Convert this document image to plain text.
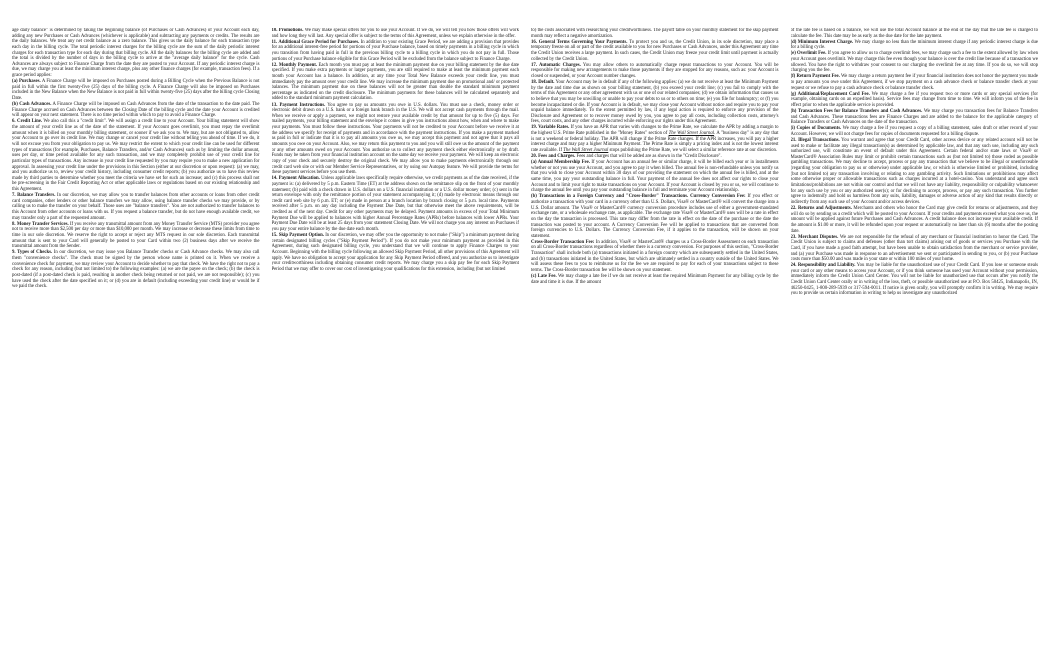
age daily balance" is determined by taking the beginning balance (of Purchases or Cash Advances) of your Account each day, adding any new Purchases or Cash Advances (whichever is applicable) and subtracting any payments or credits. The results are the daily balances. We treat any net credit balance as a zero balance. This gives us the daily balance for each transaction type each day in the billing cycle. The total periodic interest charges for the billing cycle are the sum of the daily periodic interest charges for each transaction type for each day during that billing cycle. All the daily balances for the billing cycle are added and the total is divided by the number of days in the billing cycle to arrive at the "average daily balance" for the cycle. Cash Advances are always subject to Finance Charge from the date they are posted to your Account. If any periodic interest charge is due, we may charge you at least the minimum interest charge, plus any other finance charges (for example, transaction fees). If a grace period applies:

(a) Purchases. A Finance Charge will be imposed on Purchases posted during a Billing Cycle when the Previous Balance is not paid in full within the first twenty-five (25) days of the billing cycle. A Finance Charge will also be imposed on Purchases included in the New Balance when the New Balance is not paid in full within twenty-five (25) days after the billing cycle Closing Date.

(b) Cash Advances. A Finance Charge will be imposed on Cash Advances from the date of the transaction to the date paid. The Finance Charge accrued on Cash Advances between the Closing Date of the billing cycle and the date your Account is credited will appear on your next statement. There is no time period within which to pay to avoid a Finance Charge.

6. Credit Line. We also call this a "credit limit". We will assign a credit line to your Account. Your billing statement will show the amount of your credit line as of the date of the statement. If your Account goes overlimit, you must repay the overlimit amount when it is billed on your monthly billing statement, or sooner if we ask you to. We may, but are not obligated to, allow your Account to go over its credit line. We may change or cancel your credit line without telling you ahead of time. If we do, it will not excuse you from your obligation to pay us. We may restrict the extent to which your credit line can be used for different types of transactions (for example, Purchases, Balance Transfers, and/or Cash Advances) such as by limiting the dollar amount, uses per day, or time period available for any such transaction, and we may completely prohibit use of your credit line for particular types of transactions. Any increase in your credit line requested by you may require you to make a new application for approval. In assessing your credit line under the provisions in this Section (either at our discretion or upon request): (a) we may, and you authorize us to, review your credit history, including consumer credit reports; (b) you authorize us to have this review made by third parties to determine whether you meet the criteria we have set for such an increase; and (c) this process shall not be pre-screening in the Fair Credit Reporting Act or other applicable laws or regulations based on our existing relationship and this Agreement.

7. Balance Transfers. In our discretion, we may allow you to transfer balances from other accounts or loans from other credit card companies, other lenders or other balance transfers we may allow, using balance transfer checks we may provide, or by calling us to make the transfer on your behalf. Those uses are "balance transfers". You are not authorized to transfer balances to this Account from other accounts or loans with us. If you request a balance transfer, but do not have enough available credit, we may transfer only a part of the requested amount.

8. Money Transfer Services. If you receive any transmittal amount from any Money Transfer Service (MTS) provider you agree not to receive more than $2,500 per day or more than $10,000 per month. We may increase or decrease these limits from time to time in our sole discretion. We reserve the right to accept or reject any MTS request in our sole discretion. Each transmittal amount that is sent to your Card will generally be posted to your Card within two (2) business days after we receive the transmittal amount from the Sender.

9. Types of Checks. In our discretion, we may issue you Balance Transfer checks or Cash Advance checks. We may also call them "convenience checks". The check must be signed by the person whose name is printed on it. When we receive a convenience check for payment, we may review your Account to decide whether to pay that check. We have the right not to pay a check for any reason, including (but not limited to) the following examples: (a) we are the payee on the check; (b) the check is post-dated (if a post-dated check is paid, resulting in another check being returned or not paid, we are not responsible); (c) you have used the check after the date specified on it; or (d) you are in default (including exceeding your credit line) or would be if we paid the check.

10. Promotions. We may make special offers for you to use your Account. If we do, we will tell you how those offers will work and how long they will last. Any special offer is subject to the terms of this Agreement, unless we explain otherwise in the offer.

11. Additional Grace Period for Purchases. In addition to your existing Grace Period, we are adding a provision that provides for an additional interest-free period for portions of your Purchase balance, based on timely payments in a billing cycle in which you transition from having paid in full in the previous billing cycle to a billing cycle in which you do not pay in full. Those portions of your Purchase balance eligible for this Grace Period will be excluded from the balance subject to Finance Charge.

12. Monthly Payment. Each month you must pay at least the minimum payment due on your billing statement by the due date specified. If you make extra payments or larger payments, you are still required to make at least the minimum payment each month your Account has a balance. In addition, at any time your Total New Balance exceeds your credit line, you must immediately pay the amount over your credit line. We may increase the minimum payment due on promotional and/ or protected balances. The minimum payment due on these balances will not be greater than double the standard minimum payment percentage as indicated on the credit disclosure. The minimum payments for these balances will be calculated separately and added to the standard minimum payment calculation.

13. Payment Instructions. You agree to pay us amounts you owe in U.S. dollars. You must use a check, money order or electronic debit drawn on a U.S. bank or a foreign bank branch in the U.S. We will not accept cash payments through the mail. When we receive or apply a payment, we might not restore your available credit by that amount for up to five (5) days. For mailed payments, your billing statement and the envelope it comes in give you instructions about how, when and where to make your payments. You must follow these instructions. Your payments will not be credited to your Account before we receive it at the address we specify for receipt of payments and in accordance with the payment instructions. If you make a payment marked as paid in full or indicate that it is to pay all amounts you owe us, we may accept this payment and not agree that it pays all amounts you owe on your Account. Also, we may return this payment to you and you will still owe us the amount of the payment or any other amounts owed on your Account. You authorize us to collect any payment check either electronically or by draft. Funds may be taken from your financial institution account on the same day we receive your payment. We will keep an electronic copy of your check and securely destroy the original check. We may allow you to make payments electronically through our credit card web site or with our Member Service Representatives, or by using our Autopay feature. We will provide the terms for these payment services before you use them.

14. Payment Allocation. Unless applicable laws specifically require otherwise, we credit payments as of the date received, if the payment is: (a) delivered by 5 p.m. Eastern Time (ET) at the address shown on the remittance slip on the front of your monthly statement; (b) paid with a check drawn in U.S. dollars on a U.S. financial institution or a U.S. dollar money order; (c) sent in the return envelope with only the remittance portion of your statement accompanying it; (d) made by electronic means through our credit card web site by 6 p.m. ET; or (e) made in person at a branch location by branch closing or 5 p.m. local time. Payments received after 5 p.m. on any day including the Payment Due Date, but that otherwise meet the above requirements, will be credited as of the next day. Credit for any other payments may be delayed. Payment amounts in excess of your Total Minimum Payment Due will be applied to balances with higher Annual Percentage Rates (APRs) before balances with lower APRs. Your Payment Due Date will be at least 25 days from your statement Closing Date. We will not charge you any interest on Purchases if you pay your entire balance by the due date each month.

15. Skip Payment Option. In our discretion, we may offer you the opportunity to not make ("Skip") a minimum payment during certain designated billing cycles ("Skip Payment Period"). If you do not make your minimum payment as provided in this Agreement, during such designated billing cycle, you understand that we will continue to apply Finance Charges to your Account. Beginning with the billing cycle following an allowed Skip Payment Period, all other provisions of this Agreement will apply. We have no obligation to accept your application for any Skip Payment Period offered, and you authorize us to investigate your creditworthiness including obtaining consumer credit reports. We may charge you a skip pay fee for each Skip Payment Period that we may offer to cover our cost of investigating your qualifications for this extension, including (but not limited

to) the costs associated with researching your creditworthiness. The payoff table on your monthly statement for the skip payment month may reflect a negative amortization.

16. General Terms Governing Your Payments. To protect you and us, the Credit Union, in its sole discretion, may place a temporary freeze on all or part of the credit available to you for new Purchases or Cash Advances, under this Agreement any time the Credit Union receives a large payment. In such cases, the Credit Union may freeze your credit limit until payment is actually collected by the Credit Union.

17. Automatic Charges. You may allow others to automatically charge repeat transactions to your Account. You will be responsible for making new arrangements to make those payments if they are stopped for any reasons, such as: your Account is closed or suspended, or your Account number changes.

18. Default. Your Account may be in default if any of the following applies: (a) we do not receive at least the Minimum Payment by the date and time due as shown on your billing statement, (b) you exceed your credit line; (c) you fail to comply with the terms of this Agreement or any other agreement with us or one of our related companies; (d) we obtain information that causes us to believe that you may be unwilling or unable to pay your debts to us or to others on time; (e) you file for bankruptcy; or (f) you become incapacitated or die. If your Account is in default, we may close your Account without notice and require you to pay your unpaid balance immediately. To the extent permitted by law, if any legal action is required to enforce any provision of the Disclosure and Agreement or to recover money owed by you, you agree to pay all costs, including collection costs, attorney's fees, court costs, and any other charges incurred while enforcing our rights under this Agreement.

19. Variable Rates. If you have an APR that varies with changes to the Prime Rate, we calculate the APR by adding a margin to the highest U.S. Prime Rate published in the "Money Rates" section of The Wall Street Journal. A "business day" is any day that is not a weekend or federal holiday. The APR will change if the Prime Rate changes. If the APR increases, you will pay a higher interest charge and may pay a higher Minimum Payment. The Prime Rate is simply a pricing index and is not the lowest interest rate available. If The Wall Street Journal stops publishing the Prime Rate, we will select a similar reference rate at our discretion.

20. Fees and Charges. Fees and charges that will be added are as shown in the "Credit Disclosure".

(a) Annual Membership Fee. If your Account has an annual fee or similar charge, it will be billed each year or in installments whether or not you use your Account, and you agree to pay it when billed. The annual fee is non-refundable unless you notify us that you wish to close your Account within 30 days of our providing the statement on which the annual fee is billed, and at the same time, you pay your outstanding balance in full. Your payment of the annual fee does not affect our rights to close your Account and to limit your right to make transactions on your Account. If your Account is closed by you or us, we will continue to charge the annual fee until you pay your outstanding balance in full and terminate your Account relationship.

(b) Transactions in a Foreign Currency and "Cross-Border" Transactions. Currency Conversion Fee: If you effect or authorize a transaction with your card in a currency other than U.S. Dollars, Visa® or MasterCard® will convert the charge into a U.S. Dollar amount. The Visa® or MasterCard® currency conversion procedure includes use of either a government-mandated exchange rate, or a wholesale exchange rate, as applicable. The exchange rate Visa® or MasterCard® uses will be a rate in effect on the day the transaction is processed. This rate may differ from the rate in effect on the date of the purchase or the date the transaction was posted to your account. A Currency Conversion Fee will be applied to transactions that are converted from foreign currencies to U.S. Dollars. The Currency Conversion Fee, if it applies to the transaction, will be shown on your statement.

Cross-Border Transaction Fee: In addition, Visa® or MasterCard® charges us a Cross-Border Assessment on each transaction on all Cross-Border transactions regardless of whether there is a currency conversion. For purposes of this section, "Cross-Border Transaction" shall include both (a) transactions initiated in a foreign country which are subsequently settled in the United States, and (b) transactions initiated in the United States, but which are ultimately settled in a country outside of the United States. We will assess these fees to you to reimburse us for the fee we are required to pay for each of your transactions subject to these terms. The Cross-Border transaction fee will be shown on your statement.

(c) Late Fee. We may charge a late fee if we do not receive at least the required Minimum Payment for any billing cycle by the date and time it is due. If the amount

of the late fee is based on a balance, we will use the total Account balance at the end of the day that the late fee is charged to calculate the fee. This date may be as early as the due date for the late payment.

(d) Minimum Interest Charge. We may charge no less than the minimum interest charge if any periodic interest charge is due for a billing cycle.

(e) Overlimit Fee. If you agree to allow us to charge overlimit fees, we may charge such a fee to the extent allowed by law when your Account goes overlimit. We may charge this fee even though your balance is over the credit line because of a transaction we allowed. You have the right to withdraw your consent to our charging the overlimit fee at any time. If you do so, we will stop charging you the fee.

(f) Return Payment Fee. We may charge a return payment fee if your financial institution does not honor the payment you made to pay amounts you owe under this Agreement, if we stop payment on a cash advance check or balance transfer check at your request or we refuse to pay a cash advance check or balance transfer check.

(g) Additional/Replacement Card Fee. We may charge a fee if you request two or more cards or any special services (for example, obtaining cards on an expedited basis). Service fees may change from time to time. We will inform you of the fee in effect prior to when the applicable service is provided.

(h) Transaction Fees for Balance Transfers and Cash Advances. We may charge you transaction fees for Balance Transfers and Cash Advances. These transactions fees are Finance Charges and are added to the balance for the applicable category of Balance Transfers or Cash Advances on the date of the transaction.

(i) Copies of Documents. We may charge a fee if you request a copy of a billing statement, sales draft or other record of your Account. However, we will not charge fees for copies of documents requested for a billing dispute.

21. Illegal Transactions. You warrant and agree that your Credit Card, other access device or any related account will not be used to make or facilitate any illegal transaction(s) as determined by applicable law, and that any such use, including any such authorized use, will constitute an event of default under this Agreement. Certain federal and/or state laws or Visa® or MasterCard® Association Rules may limit or prohibit certain transactions such as (but not limited to) those coded as possible gambling transactions. We may decline to accept, process or pay any transaction that we believe to be illegal or unenforceable (regarding your obligation to pay us or otherwise) under applicable law, or which is otherwise limited or prohibited, including (but not limited to) any transaction involving or relating to any gambling activity. Such limitations or prohibitions may affect some otherwise proper or allowable transactions such as charges incurred at a hotel-casino. You understand and agree such limitations/prohibitions are not within our control and that we will not have any liability, responsibility or culpability whatsoever for any such use by you or any authorized user(s); or for declining to accept, process, or pay any such transaction. You further agree to indemnify and hold us harmless from any suits, liability, damages or adverse action of any kind that results directly or indirectly from any such use of your Account and/or access devices.

22. Returns and Adjustments. Merchants and others who honor the Card may give credit for returns or adjustments, and they will do so by sending us a credit which will be posted to your Account. If your credits and payments exceed what you owe us, the amount will be applied against future Purchases and Cash Advances. A credit balance does not increase your available credit. If the amount is $1.00 or more, it will be refunded upon your request or automatically no later than six (6) months after the posting date.

23. Merchant Disputes. We are not responsible for the refusal of any merchant or financial institution to honor the Card. The Credit Union is subject to claims and defenses (other than tort claims) arising out of goods or services you Purchase with the Card, if you have made a good faith attempt, but have been unable to obtain satisfaction from the merchant or service provider, and (a) your Purchase was made in response to an advertisement we sent or participated in sending to you, or (b) your Purchase costs more than $50.00 and was made in your state or within 100 miles of your home.

24. Responsibility and Liability. You may be liable for the unauthorized use of your Credit Card. If you lose or someone steals your card or any other means to access your Account, or if you think someone has used your Account without your permission, immediately inform the Credit Union Card Center. You will not be liable for unauthorized use that occurs after you notify the Credit Union Card Center orally or in writing of the loss, theft, or possible unauthorized use at P.O. Box 50425, Indianapolis, IN, 46250-0425, 1-800-289-5939 or 317-594-0011. If notice is given orally, you will promptly confirm it in writing. We may require you to provide us certain information in writing to help us investigate any unauthorized
